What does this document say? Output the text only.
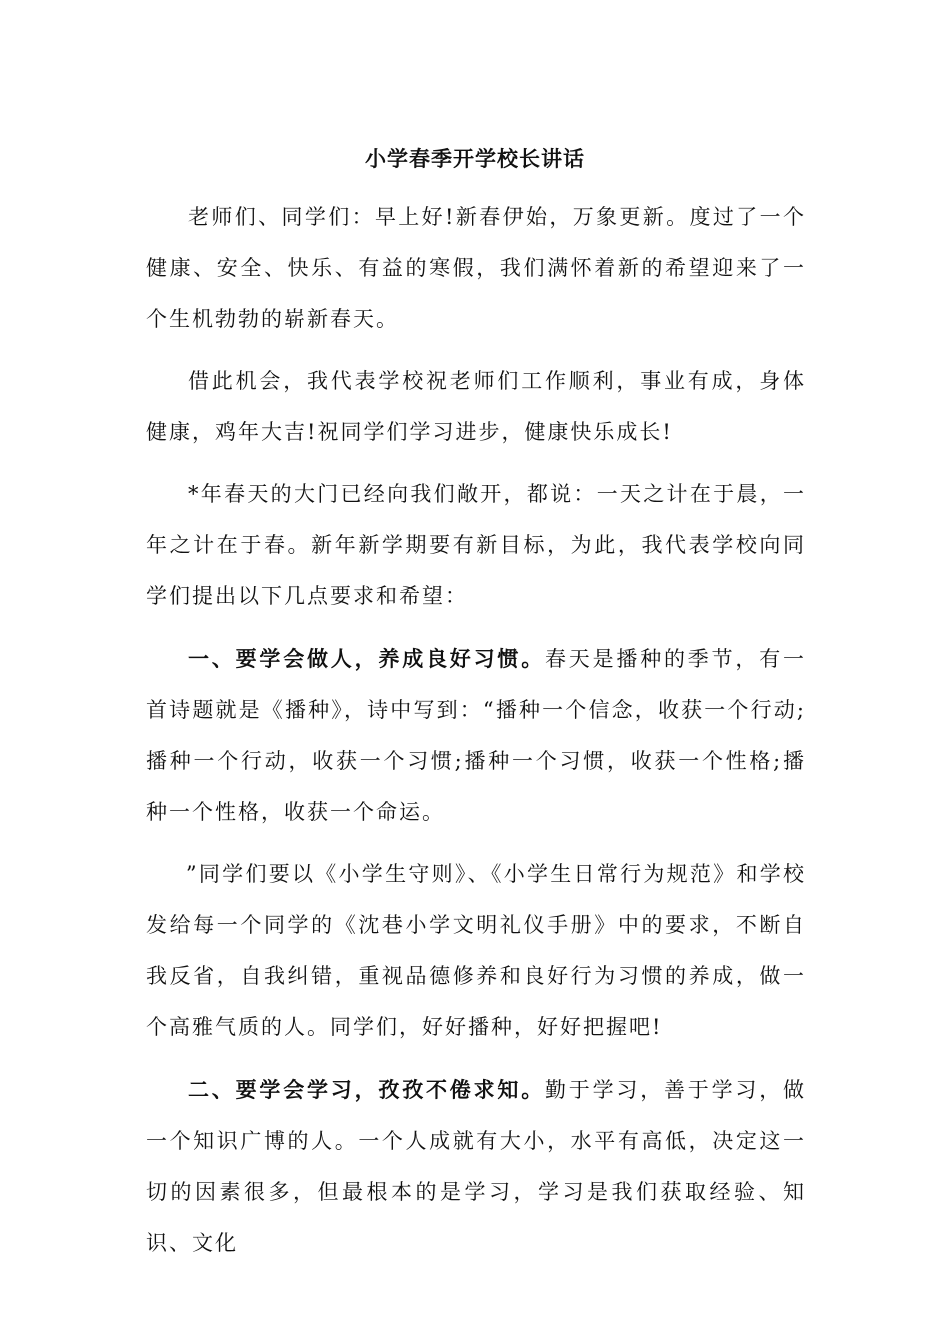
小学春季开学校长讲话

老师们、同学们：早上好!新春伊始，万象更新。度过了一个健康、安全、快乐、有益的寒假，我们满怀着新的希望迎来了一个生机勃勃的崭新春天。

借此机会，我代表学校祝老师们工作顺利，事业有成，身体健康，鸡年大吉!祝同学们学习进步，健康快乐成长!

*年春天的大门已经向我们敞开，都说：一天之计在于晨，一年之计在于春。新年新学期要有新目标，为此，我代表学校向同学们提出以下几点要求和希望：

一、要学会做人，养成良好习惯。春天是播种的季节，有一首诗题就是《播种》，诗中写到：“播种一个信念，收获一个行动;播种一个行动，收获一个习惯;播种一个习惯，收获一个性格;播种一个性格，收获一个命运。

”同学们要以《小学生守则》、《小学生日常行为规范》和学校发给每一个同学的《沈巷小学文明礼仪手册》中的要求，不断自我反省，自我纠错，重视品德修养和良好行为习惯的养成，做一个高雅气质的人。同学们，好好播种，好好把握吧!

二、要学会学习，孜孜不倦求知。勤于学习，善于学习，做一个知识广博的人。一个人成就有大小，水平有高低，决定这一切的因素很多，但最根本的是学习，学习是我们获取经验、知识、文化
